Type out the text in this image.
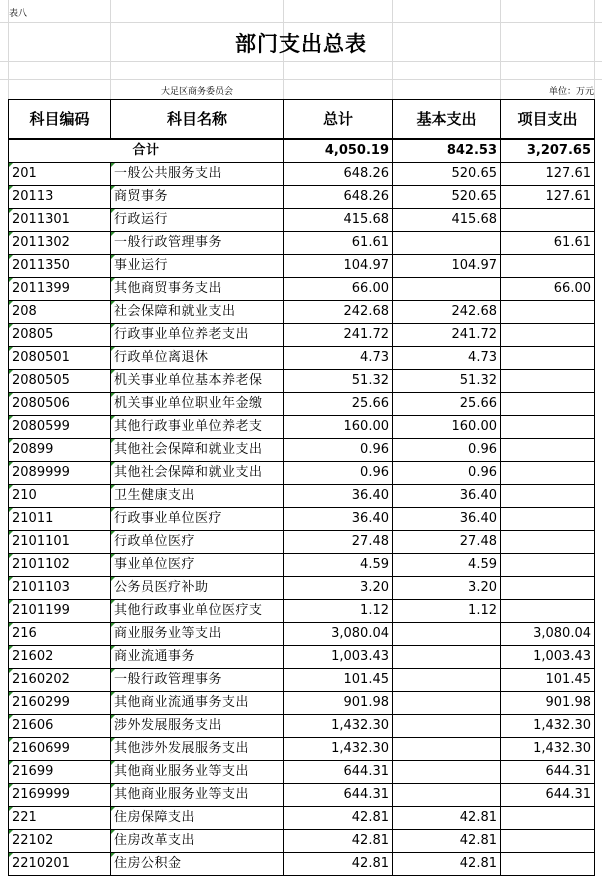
表八
部门支出总表
大足区商务委员会	单位：万元
科目编码	科目名称	总计	基本支出	项目支出
合计		4,050.19	842.53	3,207.65
201	一般公共服务支出	648.26	520.65	127.61
20113	商贸事务	648.26	520.65	127.61
2011301	行政运行	415.68	415.68	
2011302	一般行政管理事务	61.61		61.61
2011350	事业运行	104.97	104.97	
2011399	其他商贸事务支出	66.00		66.00
208	社会保障和就业支出	242.68	242.68	
20805	行政事业单位养老支出	241.72	241.72	
2080501	行政单位离退休	4.73	4.73	
2080505	机关事业单位基本养老保	51.32	51.32	
2080506	机关事业单位职业年金缴	25.66	25.66	
2080599	其他行政事业单位养老支	160.00	160.00	
20899	其他社会保障和就业支出	0.96	0.96	
2089999	其他社会保障和就业支出	0.96	0.96	
210	卫生健康支出	36.40	36.40	
21011	行政事业单位医疗	36.40	36.40	
2101101	行政单位医疗	27.48	27.48	
2101102	事业单位医疗	4.59	4.59	
2101103	公务员医疗补助	3.20	3.20	
2101199	其他行政事业单位医疗支	1.12	1.12	
216	商业服务业等支出	3,080.04		3,080.04
21602	商业流通事务	1,003.43		1,003.43
2160202	一般行政管理事务	101.45		101.45
2160299	其他商业流通事务支出	901.98		901.98
21606	涉外发展服务支出	1,432.30		1,432.30
2160699	其他涉外发展服务支出	1,432.30		1,432.30
21699	其他商业服务业等支出	644.31		644.31
2169999	其他商业服务业等支出	644.31		644.31
221	住房保障支出	42.81	42.81	
22102	住房改革支出	42.81	42.81	
2210201	住房公积金	42.81	42.81	
